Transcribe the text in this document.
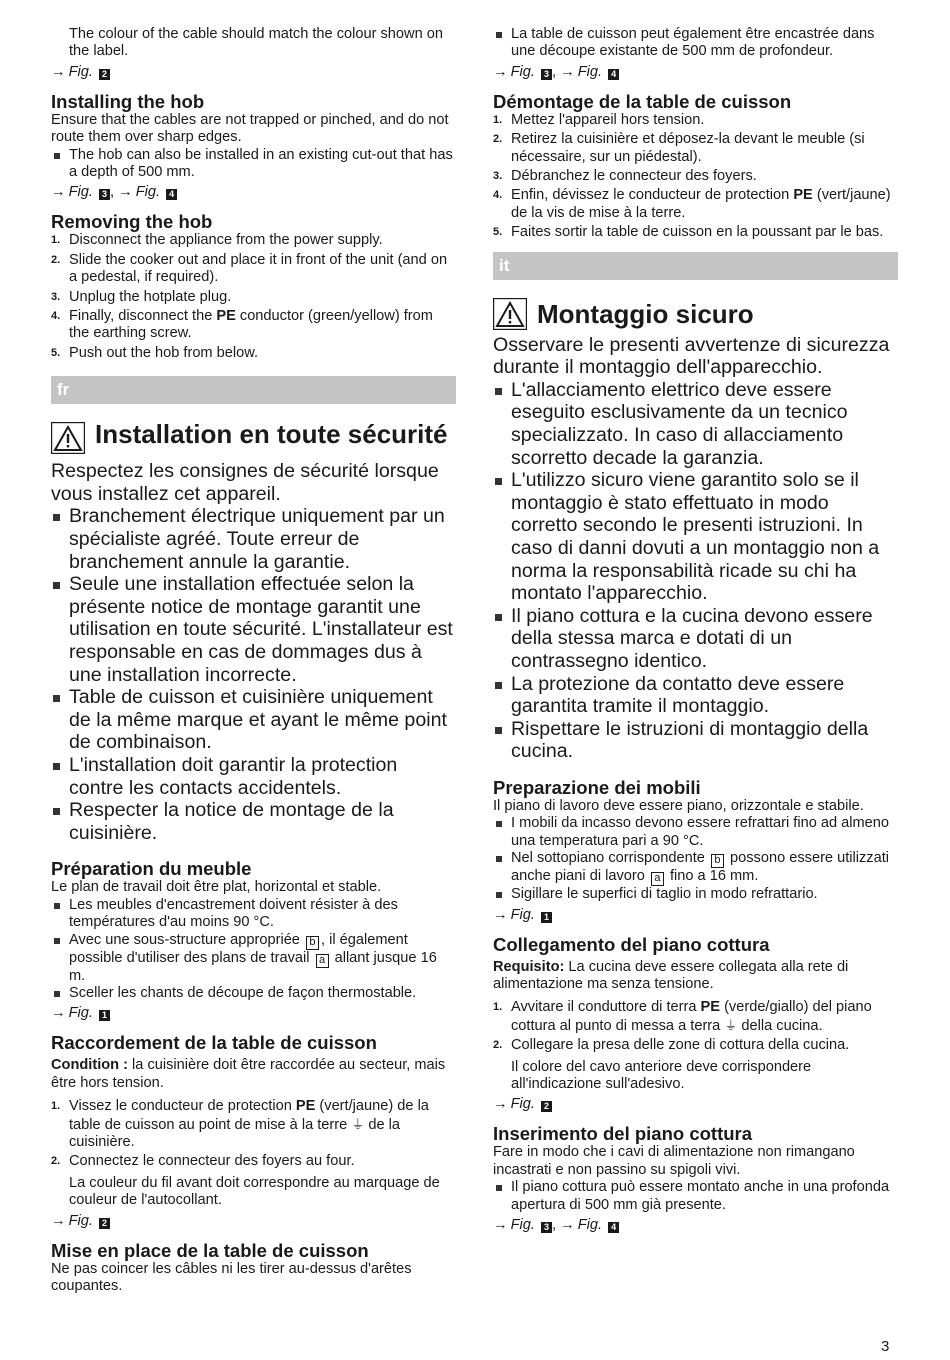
The colour of the cable should match the colour shown on the label.

→ Fig. 2

Installing the hob

Ensure that the cables are not trapped or pinched, and do not route them over sharp edges.

The hob can also be installed in an existing cut-out that has a depth of 500 mm.

→ Fig. 3 , → Fig. 4

Removing the hob
1. Disconnect the appliance from the power supply.
2. Slide the cooker out and place it in front of the unit (and on a pedestal, if required).
3. Unplug the hotplate plug.
4. Finally, disconnect the PE conductor (green/yellow) from the earthing screw.
5. Push out the hob from below.
fr
Installation en toute sécurité

Respectez les consignes de sécurité lorsque vous installez cet appareil.

Branchement électrique uniquement par un spécialiste agréé. Toute erreur de branchement annule la garantie.
Seule une installation effectuée selon la présente notice de montage garantit une utilisation en toute sécurité. L'installateur est responsable en cas de dommages dus à une installation incorrecte.
Table de cuisson et cuisinière uniquement de la même marque et ayant le même point de combinaison.
L'installation doit garantir la protection contre les contacts accidentels.
Respecter la notice de montage de la cuisinière.
Préparation du meuble

Le plan de travail doit être plat, horizontal et stable.

Les meubles d'encastrement doivent résister à des températures d'au moins 90 °C.
Avec une sous-structure appropriée b , il également possible d'utiliser des plans de travail a allant jusque 16 m.
Sceller les chants de découpe de façon thermostable.

→ Fig. 1

Raccordement de la table de cuisson

Condition : la cuisinière doit être raccordée au secteur, mais être hors tension.

1. Vissez le conducteur de protection PE (vert/jaune) de la table de cuisson au point de mise à la terre ⏚ de la cuisinière.
2. Connectez le connecteur des foyers au four.

La couleur du fil avant doit correspondre au marquage de couleur de l'autocollant.

→ Fig. 2

Mise en place de la table de cuisson

Ne pas coincer les câbles ni les tirer au-dessus d'arêtes coupantes.

La table de cuisson peut également être encastrée dans une découpe existante de 500 mm de profondeur.

→ Fig. 3 , → Fig. 4

Démontage de la table de cuisson
1. Mettez l'appareil hors tension.
2. Retirez la cuisinière et déposez-la devant le meuble (si nécessaire, sur un piédestal).
3. Débranchez le connecteur des foyers.
4. Enfin, dévissez le conducteur de protection PE (vert/jaune) de la vis de mise à la terre.
5. Faites sortir la table de cuisson en la poussant par le bas.
it
Montaggio sicuro

Osservare le presenti avvertenze di sicurezza durante il montaggio dell'apparecchio.

L'allacciamento elettrico deve essere eseguito esclusivamente da un tecnico specializzato. In caso di allacciamento scorretto decade la garanzia.
L'utilizzo sicuro viene garantito solo se il montaggio è stato effettuato in modo corretto secondo le presenti istruzioni. In caso di danni dovuti a un montaggio non a norma la responsabilità ricade su chi ha montato l'apparecchio.
Il piano cottura e la cucina devono essere della stessa marca e dotati di un contrassegno identico.
La protezione da contatto deve essere garantita tramite il montaggio.
Rispettare le istruzioni di montaggio della cucina.
Preparazione dei mobili

Il piano di lavoro deve essere piano, orizzontale e stabile.

I mobili da incasso devono essere refrattari fino ad almeno una temperatura pari a 90 °C.
Nel sottopiano corrispondente b possono essere utilizzati anche piani di lavoro a fino a 16 mm.
Sigillare le superfici di taglio in modo refrattario.

→ Fig. 1

Collegamento del piano cottura

Requisito: La cucina deve essere collegata alla rete di alimentazione ma senza tensione.

1. Avvitare il conduttore di terra PE (verde/giallo) del piano cottura al punto di messa a terra ⏚ della cucina.
2. Collegare la presa delle zone di cottura della cucina.

Il colore del cavo anteriore deve corrispondere all'indicazione sull'adesivo.

→ Fig. 2

Inserimento del piano cottura

Fare in modo che i cavi di alimentazione non rimangano incastrati e non passino su spigoli vivi.

Il piano cottura può essere montato anche in una profonda apertura di 500 mm già presente.

→ Fig. 3 , → Fig. 4

3
